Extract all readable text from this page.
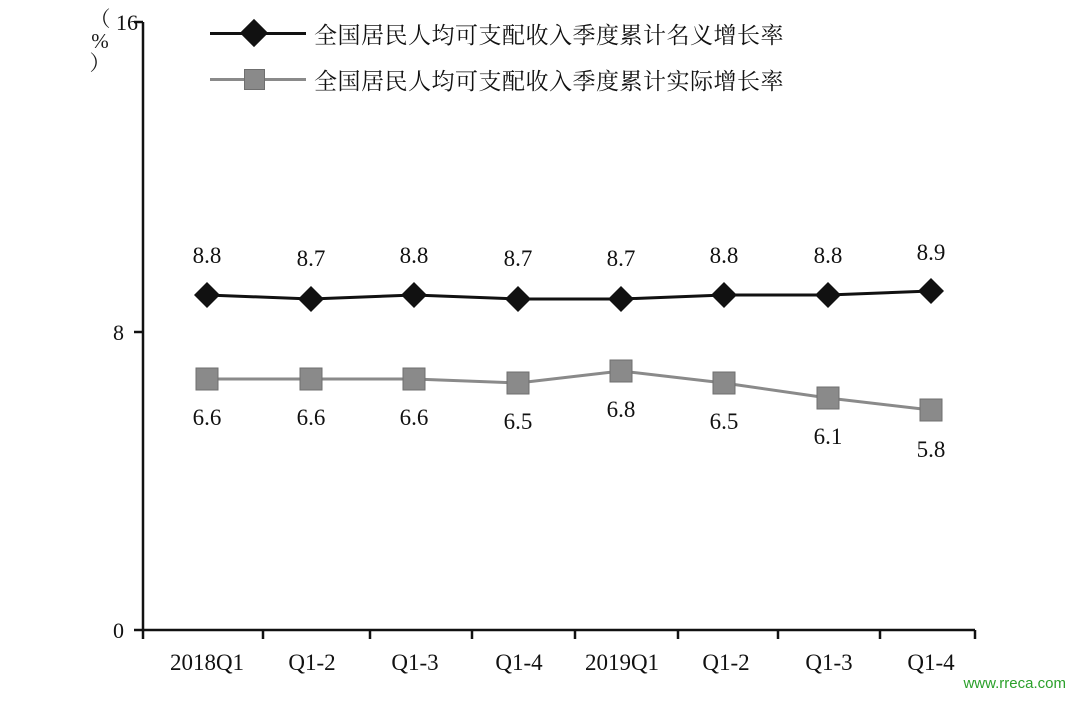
（
%
）
全国居民人均可支配收入季度累计名义增长率
全国居民人均可支配收入季度累计实际增长率
16
8
0
2018Q1	Q1-2	Q1-3	Q1-4	2019Q1	Q1-2	Q1-3	Q1-4
8.8	8.7	8.8	8.7	8.7	8.8	8.8	8.9
6.6	6.6	6.6	6.5	6.8	6.5
6.1
5.8
www.rreca.com
